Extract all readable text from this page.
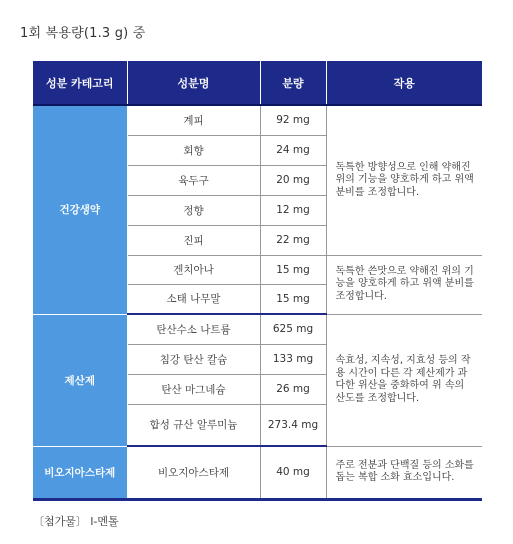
1회 복용량(1.3 g) 중
성분 카테고리	성분명	분량	작용
건강생약	계피	92 mg	독특한 방향성으로 인해 약해진 위의 기능을 양호하게 하고 위액 분비를 조정합니다.
	회향	24 mg	
	육두구	20 mg	
	정향	12 mg	
	진피	22 mg	
	겐치아나	15 mg	독특한 쓴맛으로 약해진 위의 기능을 양호하게 하고 위액 분비를 조정합니다.
	소태 나무말	15 mg	
제산제	탄산수소 나트륨	625 mg	속효성, 지속성, 지효성 등의 작용 시간이 다른 각 제산제가 과다한 위산을 중화하여 위 속의 산도를 조정합니다.
	침강 탄산 칼슘	133 mg	
	탄산 마그네슘	26 mg	
	합성 규산 알루미늄	273.4 mg	
비오지아스타제	비오지아스타제	40 mg	주로 전분과 단백질 등의 소화를 돕는 복합 소화 효소입니다.
〔첨가물〕 l-멘톨
